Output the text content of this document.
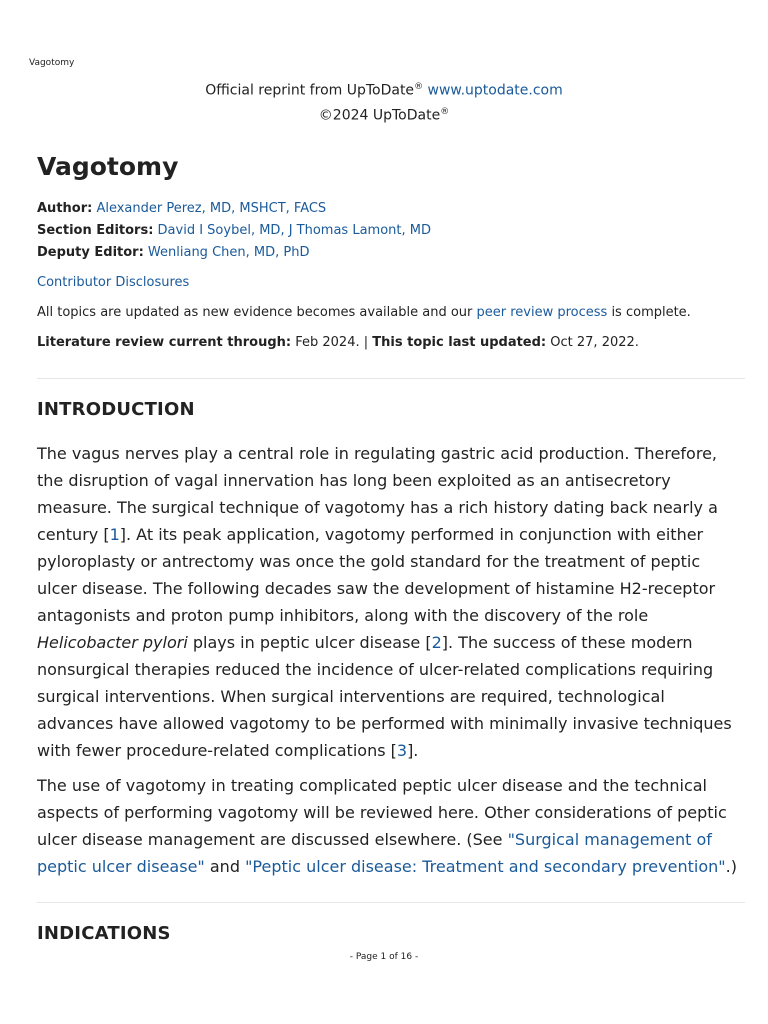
Vagotomy
Official reprint from UpToDate® www.uptodate.com
©2024 UpToDate®
Vagotomy
Author: Alexander Perez, MD, MSHCT, FACS
Section Editors: David I Soybel, MD, J Thomas Lamont, MD
Deputy Editor: Wenliang Chen, MD, PhD
Contributor Disclosures
All topics are updated as new evidence becomes available and our peer review process is complete.
Literature review current through: Feb 2024. | This topic last updated: Oct 27, 2022.
INTRODUCTION

The vagus nerves play a central role in regulating gastric acid production. Therefore, the disruption of vagal innervation has long been exploited as an antisecretory measure. The surgical technique of vagotomy has a rich history dating back nearly a century [1]. At its peak application, vagotomy performed in conjunction with either pyloroplasty or antrectomy was once the gold standard for the treatment of peptic ulcer disease. The following decades saw the development of histamine H2-receptor antagonists and proton pump inhibitors, along with the discovery of the role Helicobacter pylori plays in peptic ulcer disease [2]. The success of these modern nonsurgical therapies reduced the incidence of ulcer-related complications requiring surgical interventions. When surgical interventions are required, technological advances have allowed vagotomy to be performed with minimally invasive techniques with fewer procedure-related complications [3].

The use of vagotomy in treating complicated peptic ulcer disease and the technical aspects of performing vagotomy will be reviewed here. Other considerations of peptic ulcer disease management are discussed elsewhere. (See "Surgical management of peptic ulcer disease" and "Peptic ulcer disease: Treatment and secondary prevention".)

INDICATIONS
- Page 1 of 16 -
